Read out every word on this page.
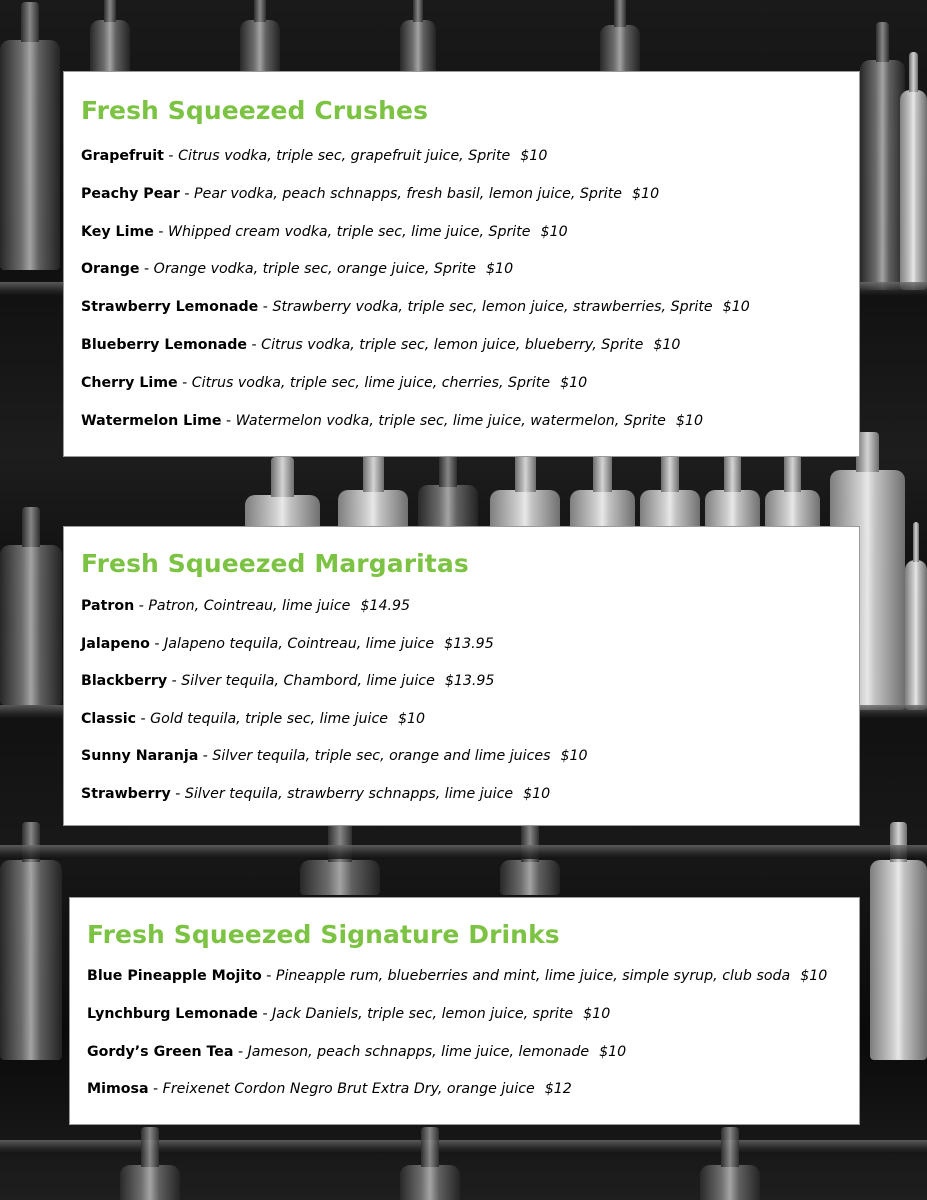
Fresh Squeezed Crushes
Grapefruit - Citrus vodka, triple sec, grapefruit juice, Sprite $10
Peachy Pear - Pear vodka, peach schnapps, fresh basil, lemon juice, Sprite $10
Key Lime - Whipped cream vodka, triple sec, lime juice, Sprite $10
Orange - Orange vodka, triple sec, orange juice, Sprite $10
Strawberry Lemonade - Strawberry vodka, triple sec, lemon juice, strawberries, Sprite $10
Blueberry Lemonade - Citrus vodka, triple sec, lemon juice, blueberry, Sprite $10
Cherry Lime - Citrus vodka, triple sec, lime juice, cherries, Sprite $10
Watermelon Lime - Watermelon vodka, triple sec, lime juice, watermelon, Sprite $10
Fresh Squeezed Margaritas
Patron - Patron, Cointreau, lime juice $14.95
Jalapeno - Jalapeno tequila, Cointreau, lime juice $13.95
Blackberry - Silver tequila, Chambord, lime juice $13.95
Classic - Gold tequila, triple sec, lime juice $10
Sunny Naranja - Silver tequila, triple sec, orange and lime juices $10
Strawberry - Silver tequila, strawberry schnapps, lime juice $10
Fresh Squeezed Signature Drinks
Blue Pineapple Mojito - Pineapple rum, blueberries and mint, lime juice, simple syrup, club soda $10
Lynchburg Lemonade - Jack Daniels, triple sec, lemon juice, sprite $10
Gordy’s Green Tea - Jameson, peach schnapps, lime juice, lemonade $10
Mimosa - Freixenet Cordon Negro Brut Extra Dry, orange juice $12
